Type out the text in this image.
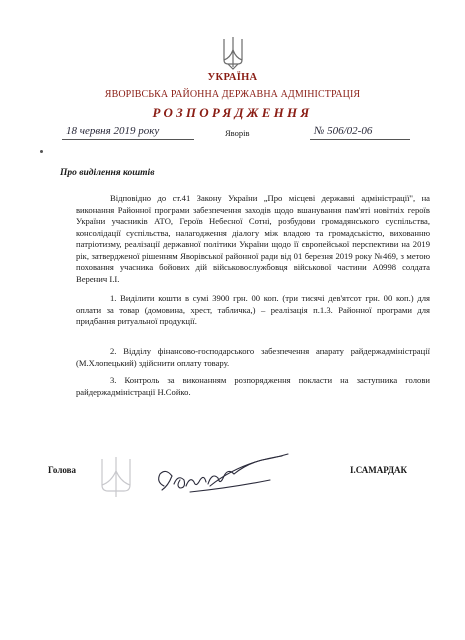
УКРАЇНА
ЯВОРІВСЬКА РАЙОННА ДЕРЖАВНА АДМІНІСТРАЦІЯ
РОЗПОРЯДЖЕННЯ
18 червня 2019 року	Яворів	№ 506/02-06
Про виділення коштів
Відповідно до ст.41 Закону України „Про місцеві державні адміністрації", на виконання Районної програми забезпечення заходів щодо вшанування пам'яті новітніх героїв України учасників АТО, Героїв Небесної Сотні, розбудови громадянського суспільства, консолідації суспільства, налагодження діалогу між владою та громадськістю, вихованню патріотизму, реалізації державної політики України щодо її європейської перспективи на 2019 рік, затвердженої рішенням Яворівської районної ради від 01 березня 2019 року №469, з метою поховання учасника бойових дій військовослужбовця військової частини А0998 солдата Веренич І.І.
1. Виділити кошти в сумі 3900 грн. 00 коп. (три тисячі дев'ятсот грн. 00 коп.) для оплати за товар (домовина, хрест, табличка,) – реалізація п.1.3. Районної програми для придбання ритуальної продукції.
2. Відділу фінансово-господарського забезпечення апарату райдержадміністрації (М.Хлопецький) здійснити оплату товару.
3. Контроль за виконанням розпорядження покласти на заступника голови райдержадміністрації Н.Сойко.
Голова	І.САМАРДАК
